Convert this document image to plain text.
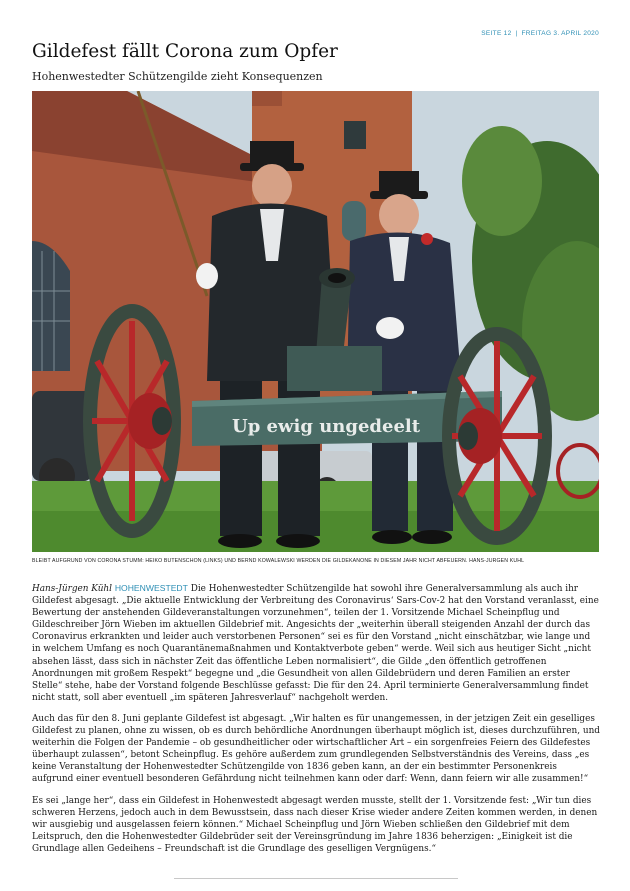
SEITE 12 | FREITAG 3. APRIL 2020
Gildefest fällt Corona zum Opfer
Hohenwestedter Schützengilde zieht Konsequenzen
Up ewig ungedeelt
BLEIBT AUFGRUND VON CORONA STUMM: HEIKO BUTENSCHÖN (LINKS) UND BERND KOWALEWSKI WERDEN DIE GILDEKANONE IN DIESEM JAHR NICHT ABFEUERN. HANS-JÜRGEN KÜHL

Hans-Jürgen Kühl HOHENWESTEDT Die Hohenwestedter Schützengilde hat sowohl ihre Generalversammlung als auch ihr Gildefest abgesagt. „Die aktuelle Entwicklung der Verbreitung des Coronavirus‘ Sars-Cov-2 hat den Vorstand veranlasst, eine Bewertung der anstehenden Gildeveranstaltungen vorzunehmen“, teilen der 1. Vorsitzende Michael Scheinpflug und Gildeschreiber Jörn Wieben im aktuellen Gildebrief mit. Angesichts der „weiterhin überall steigenden Anzahl der durch das Coronavirus erkrankten und leider auch verstorbenen Personen“ sei es für den Vorstand „nicht einschätzbar, wie lange und in welchem Umfang es noch Quarantänemaßnahmen und Kontaktverbote geben“ werde. Weil sich aus heutiger Sicht „nicht absehen lässt, dass sich in nächster Zeit das öffentliche Leben normalisiert“, die Gilde „den öffentlich getroffenen Anordnungen mit großem Respekt“ begegne und „die Gesundheit von allen Gildebrüdern und deren Familien an erster Stelle“ stehe, habe der Vorstand folgende Beschlüsse gefasst: Die für den 24. April terminierte Generalversammlung findet nicht statt, soll aber eventuell „im späteren Jahresverlauf“ nachgeholt werden.

Auch das für den 8. Juni geplante Gildefest ist abgesagt. „Wir halten es für unangemessen, in der jetzigen Zeit ein geselliges Gildefest zu planen, ohne zu wissen, ob es durch behördliche Anordnungen überhaupt möglich ist, dieses durchzuführen, und weiterhin die Folgen der Pandemie – ob gesundheitlicher oder wirtschaftlicher Art – ein sorgenfreies Feiern des Gildefestes überhaupt zulassen“, betont Scheinpflug. Es gehöre außerdem zum grundlegenden Selbstverständnis des Vereins, dass „es keine Veranstaltung der Hohenwestedter Schützengilde von 1836 geben kann, an der ein bestimmter Personenkreis aufgrund einer eventuell besonderen Gefährdung nicht teilnehmen kann oder darf: Wenn, dann feiern wir alle zusammen!“

Es sei „lange her“, dass ein Gildefest in Hohenwestedt abgesagt werden musste, stellt der 1. Vorsitzende fest: „Wir tun dies schweren Herzens, jedoch auch in dem Bewusstsein, dass nach dieser Krise wieder andere Zeiten kommen werden, in denen wir ausgiebig und ausgelassen feiern können.“ Michael Scheinpflug und Jörn Wieben schließen den Gildebrief mit dem Leitspruch, den die Hohenwestedter Gildebrüder seit der Vereinsgründung im Jahre 1836 beherzigen: „Einigkeit ist die Grundlage allen Gedeihens – Freundschaft ist die Grundlage des geselligen Vergnügens.“
